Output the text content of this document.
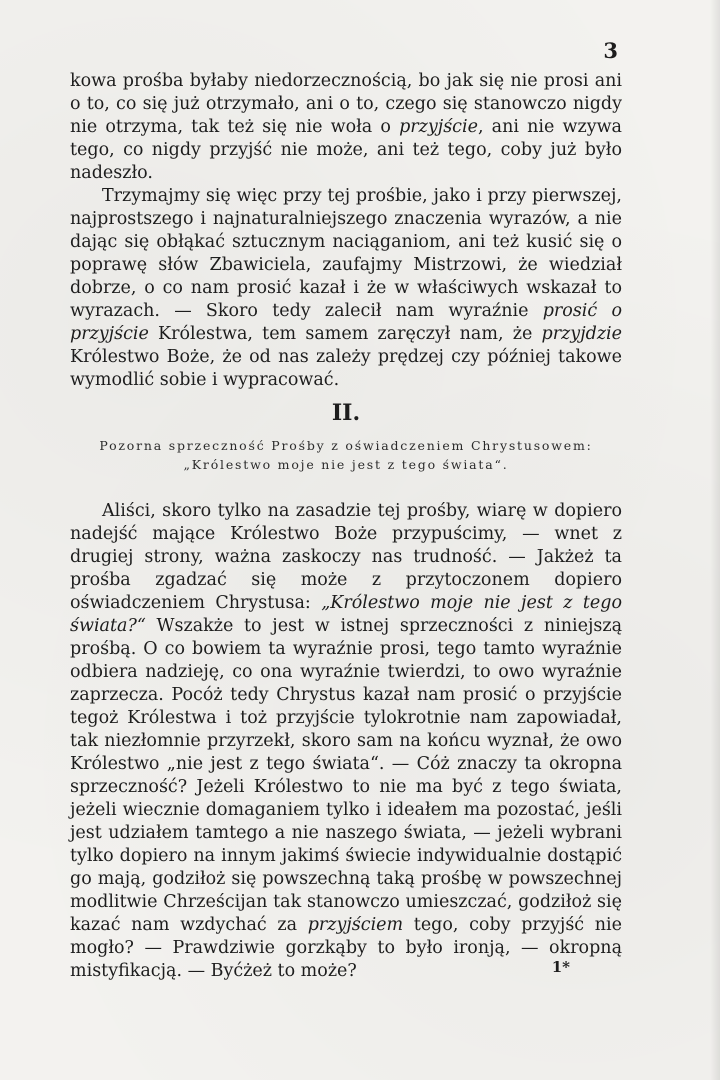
3

kowa prośba byłaby niedorzecznością, bo jak się nie prosi ani o to, co się już otrzymało, ani o to, czego się stanowczo nigdy nie otrzyma, tak też się nie woła o przyjście, ani nie wzywa tego, co nigdy przyjść nie może, ani też tego, coby już było nadeszło.

Trzymajmy się więc przy tej prośbie, jako i przy pierwszej, najprostszego i najnaturalniejszego znaczenia wyrazów, a nie dając się obłąkać sztucznym naciąganiom, ani też kusić się o poprawę słów Zbawiciela, zaufajmy Mistrzowi, że wiedział dobrze, o co nam prosić kazał i że w właściwych wskazał to wyrazach. — Skoro tedy zalecił nam wyraźnie prosić o przyjście Królestwa, tem samem zaręczył nam, że przyjdzie Królestwo Boże, że od nas zależy prędzej czy później takowe wymodlić sobie i wypracować.

II.
Pozorna sprzeczność Prośby z oświadczeniem Chrystusowem:
„Królestwo moje nie jest z tego świata“.

Aliści, skoro tylko na zasadzie tej prośby, wiarę w dopiero nadejść mające Królestwo Boże przypuścimy, — wnet z drugiej strony, ważna zaskoczy nas trudność. — Jakżeż ta prośba zgadzać się może z przytoczonem dopiero oświadczeniem Chrystusa: „Królestwo moje nie jest z tego świata?“ Wszakże to jest w istnej sprzeczności z niniejszą prośbą. O co bowiem ta wyraźnie prosi, tego tamto wyraźnie odbiera nadzieję, co ona wyraźnie twierdzi, to owo wyraźnie zaprzecza. Pocóż tedy Chrystus kazał nam prosić o przyjście tegoż Królestwa i toż przyjście tylokrotnie nam zapowiadał, tak niezłomnie przyrzekł, skoro sam na końcu wyznał, że owo Królestwo „nie jest z tego świata“. — Cóż znaczy ta okropna sprzeczność? Jeżeli Królestwo to nie ma być z tego świata, jeżeli wiecznie domaganiem tylko i ideałem ma pozostać, jeśli jest udziałem tamtego a nie naszego świata, — jeżeli wybrani tylko dopiero na innym jakimś świecie indywidualnie dostąpić go mają, godziłoż się powszechną taką prośbę w powszechnej modlitwie Chrześcijan tak stanowczo umieszczać, godziłoż się kazać nam wzdychać za przyjściem tego, coby przyjść nie mogło? — Prawdziwie gorzkąby to było ironją, — okropną mistyfikacją. — Byćżeż to może?	1*
